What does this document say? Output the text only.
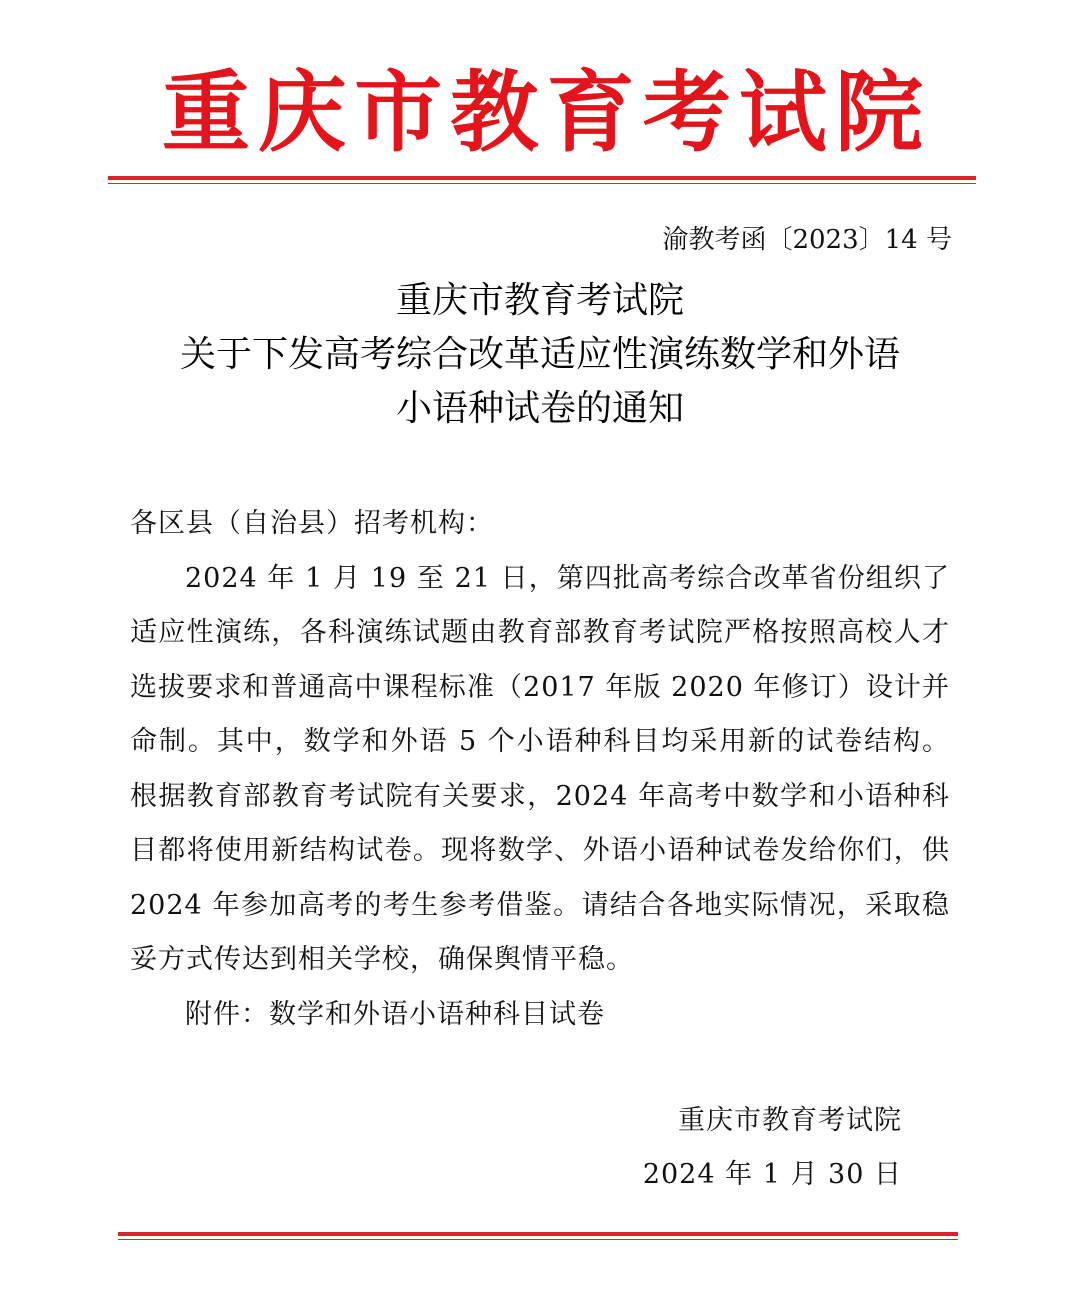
重 庆 市 教 育 考 试 院
渝教考函〔2023〕14 号
重庆市教育考试院
关于下发高考综合改革适应性演练数学和外语
小语种试卷的通知
各区县（自治县）招考机构：
2024 年 1 月 19 至 21 日，第四批高考综合改革省份组织了适应性演练，各科演练试题由教育部教育考试院严格按照高校人才选拔要求和普通高中课程标准（2017 年版 2020 年修订）设计并命制。其中，数学和外语 5 个小语种科目均采用新的试卷结构。根据教育部教育考试院有关要求，2024 年高考中数学和小语种科目都将使用新结构试卷。现将数学、外语小语种试卷发给你们，供 2024 年参加高考的考生参考借鉴。请结合各地实际情况，采取稳妥方式传达到相关学校，确保舆情平稳。
附件：数学和外语小语种科目试卷
重庆市教育考试院
2024 年 1 月 30 日
